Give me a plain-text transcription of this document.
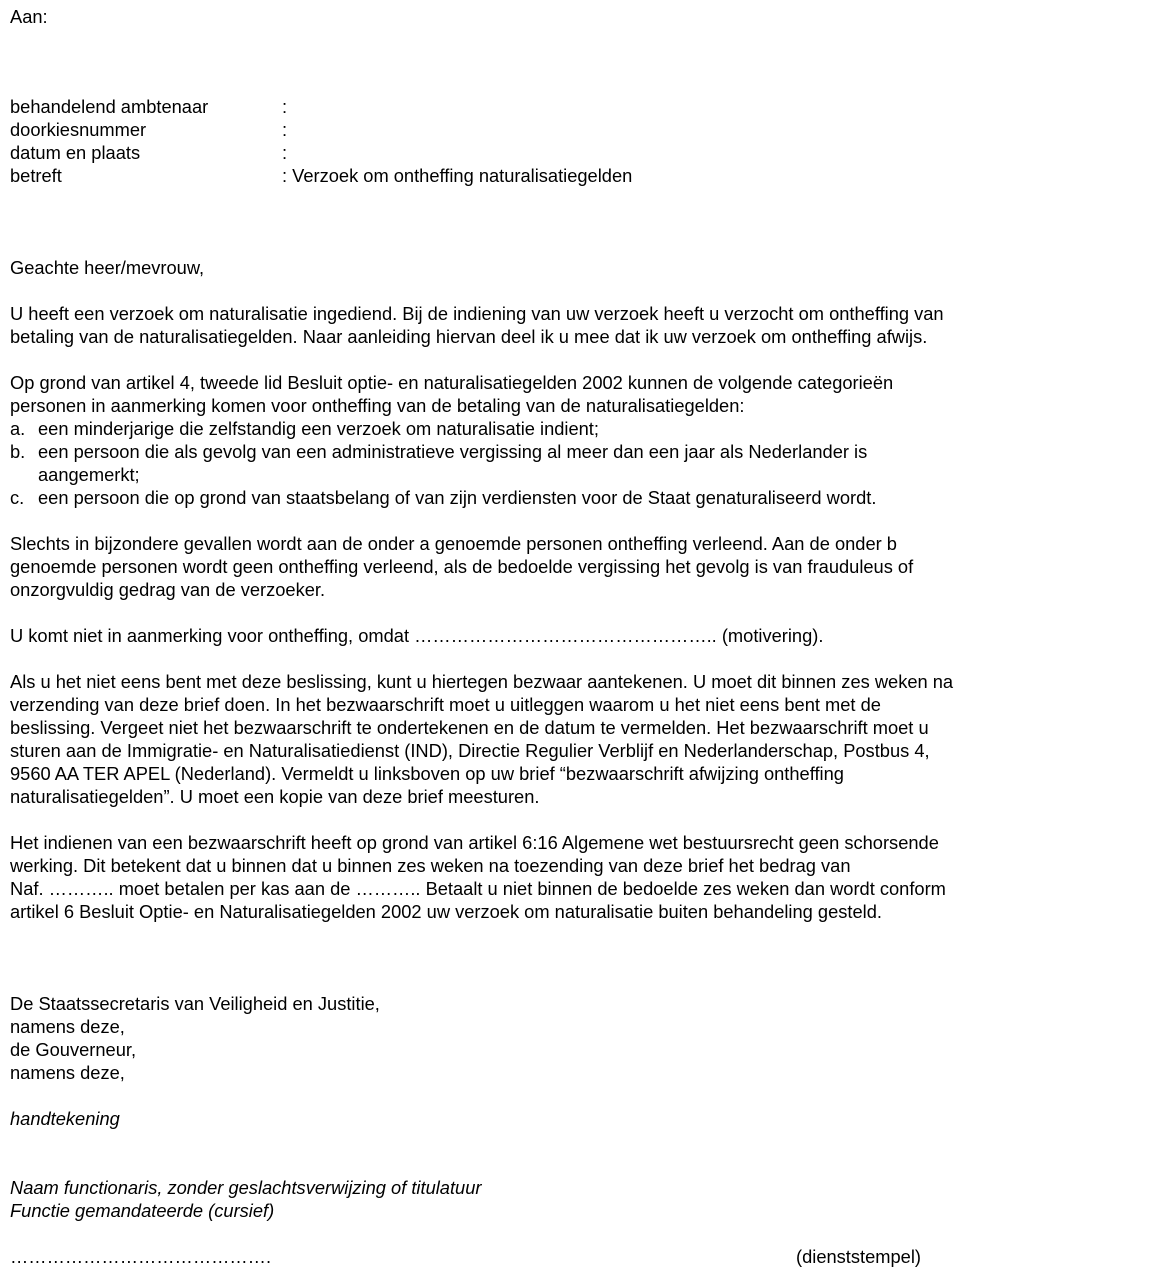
Aan:
behandelend ambtenaar	:
doorkiesnummer	:
datum en plaats	:
betreft	: Verzoek om ontheffing naturalisatiegelden
Geachte heer/mevrouw,
U heeft een verzoek om naturalisatie ingediend. Bij de indiening van uw verzoek heeft u verzocht om ontheffing van
betaling van de naturalisatiegelden. Naar aanleiding hiervan deel ik u mee dat ik uw verzoek om ontheffing afwijs.
Op grond van artikel 4, tweede lid Besluit optie- en naturalisatiegelden 2002 kunnen de volgende categorieën
personen in aanmerking komen voor ontheffing van de betaling van de naturalisatiegelden:
a. een minderjarige die zelfstandig een verzoek om naturalisatie indient;
b. een persoon die als gevolg van een administratieve vergissing al meer dan een jaar als Nederlander is
aangemerkt;
c. een persoon die op grond van staatsbelang of van zijn verdiensten voor de Staat genaturaliseerd wordt.
Slechts in bijzondere gevallen wordt aan de onder a genoemde personen ontheffing verleend. Aan de onder b
genoemde personen wordt geen ontheffing verleend, als de bedoelde vergissing het gevolg is van frauduleus of
onzorgvuldig gedrag van de verzoeker.
U komt niet in aanmerking voor ontheffing, omdat ………………………………………….. (motivering).
Als u het niet eens bent met deze beslissing, kunt u hiertegen bezwaar aantekenen. U moet dit binnen zes weken na
verzending van deze brief doen. In het bezwaarschrift moet u uitleggen waarom u het niet eens bent met de
beslissing. Vergeet niet het bezwaarschrift te ondertekenen en de datum te vermelden. Het bezwaarschrift moet u
sturen aan de Immigratie- en Naturalisatiedienst (IND), Directie Regulier Verblijf en Nederlanderschap, Postbus 4,
9560 AA TER APEL (Nederland). Vermeldt u linksboven op uw brief “bezwaarschrift afwijzing ontheffing
naturalisatiegelden”. U moet een kopie van deze brief meesturen.
Het indienen van een bezwaarschrift heeft op grond van artikel 6:16 Algemene wet bestuursrecht geen schorsende
werking. Dit betekent dat u binnen dat u binnen zes weken na toezending van deze brief het bedrag van
Naf. ……….. moet betalen per kas aan de ……….. Betaalt u niet binnen de bedoelde zes weken dan wordt conform
artikel 6 Besluit Optie- en Naturalisatiegelden 2002 uw verzoek om naturalisatie buiten behandeling gesteld.
De Staatssecretaris van Veiligheid en Justitie,
namens deze,
de Gouverneur,
namens deze,
handtekening
Naam functionaris, zonder geslachtsverwijzing of titulatuur
Functie gemandateerde (cursief)
…………………………………….	(dienststempel)
